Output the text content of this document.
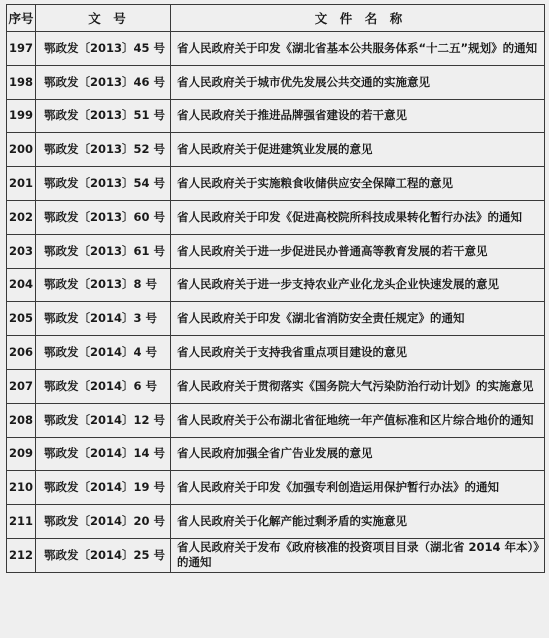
序号	文　号	文　件　名　称
197	鄂政发〔2013〕45 号	省人民政府关于印发《湖北省基本公共服务体系“十二五”规划》的通知

198	鄂政发〔2013〕46 号	省人民政府关于城市优先发展公共交通的实施意见

199	鄂政发〔2013〕51 号	省人民政府关于推进品牌强省建设的若干意见

200	鄂政发〔2013〕52 号	省人民政府关于促进建筑业发展的意见

201	鄂政发〔2013〕54 号	省人民政府关于实施粮食收储供应安全保障工程的意见

202	鄂政发〔2013〕60 号	省人民政府关于印发《促进高校院所科技成果转化暂行办法》的通知

203	鄂政发〔2013〕61 号	省人民政府关于进一步促进民办普通高等教育发展的若干意见

204	鄂政发〔2013〕8 号	省人民政府关于进一步支持农业产业化龙头企业快速发展的意见

205	鄂政发〔2014〕3 号	省人民政府关于印发《湖北省消防安全责任规定》的通知

206	鄂政发〔2014〕4 号	省人民政府关于支持我省重点项目建设的意见

207	鄂政发〔2014〕6 号	省人民政府关于贯彻落实《国务院大气污染防治行动计划》的实施意见

208	鄂政发〔2014〕12 号	省人民政府关于公布湖北省征地统一年产值标准和区片综合地价的通知

209	鄂政发〔2014〕14 号	省人民政府加强全省广告业发展的意见

210	鄂政发〔2014〕19 号	省人民政府关于印发《加强专利创造运用保护暂行办法》的通知

211	鄂政发〔2014〕20 号	省人民政府关于化解产能过剩矛盾的实施意见

212	鄂政发〔2014〕25 号	省人民政府关于发布《政府核准的投资项目目录（湖北省 2014 年本）》的通知
